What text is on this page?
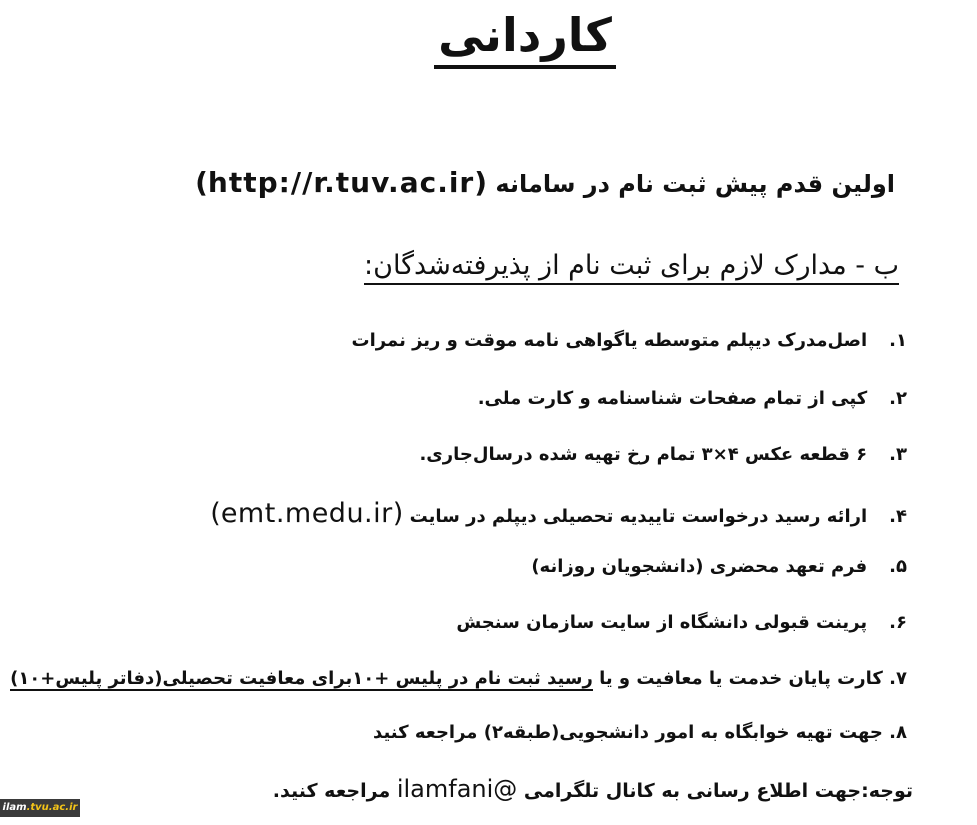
کاردانی
اولین قدم پیش ثبت نام در سامانه (http://r.tuv.ac.ir)
ب - مدارک لازم برای ثبت نام از پذیرفته‌شدگان:
۱.اصل‌مدرک دیپلم متوسطه یاگواهی نامه موقت و ریز نمرات
۲.کپی از تمام صفحات شناسنامه و کارت ملی.
۳.۶ قطعه عکس ۴×۳ تمام رخ تهیه شده درسال‌جاری.
۴.ارائه رسید درخواست تاییدیه تحصیلی دیپلم در سایت (emt.medu.ir)
۵.فرم تعهد محضری (دانشجویان روزانه)
۶.پرینت قبولی دانشگاه از سایت سازمان سنجش
۷. کارت پایان خدمت یا معافیت و یا رسید ثبت نام در پلیس +۱۰برای معافیت تحصیلی(دفاتر پلیس+۱۰)
۸. جهت تهیه خوابگاه به امور دانشجویی(طبقه۲) مراجعه کنید
توجه:جهت اطلاع رسانی به کانال تلگرامی ilamfani@ مراجعه کنید.
ilam.tvu.ac.ir
